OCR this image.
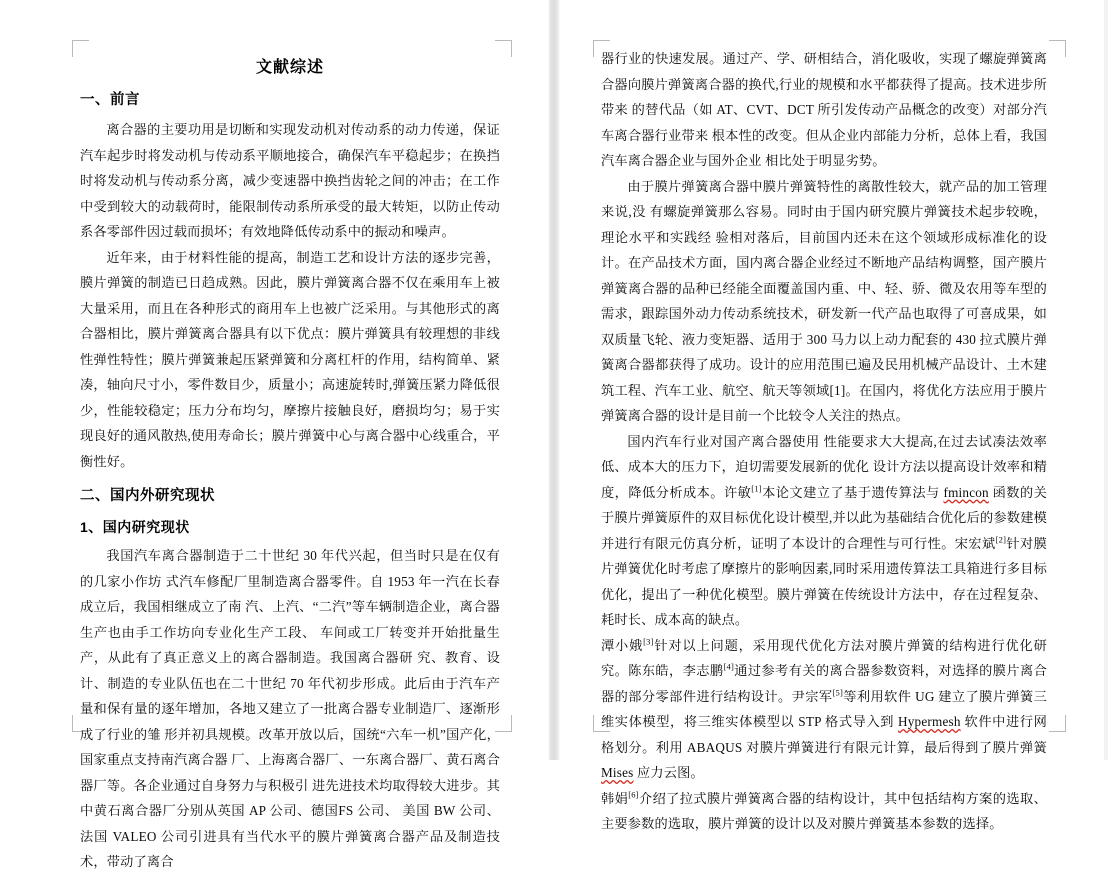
文献综述
一、前言

离合器的主要功用是切断和实现发动机对传动系的动力传递，保证汽车起步时将发动机与传动系平顺地接合，确保汽车平稳起步；在换挡时将发动机与传动系分离，减少变速器中换挡齿轮之间的冲击；在工作中受到较大的动载荷时，能限制传动系所承受的最大转矩，以防止传动系各零部件因过载而损坏；有效地降低传动系中的振动和噪声。

近年来，由于材料性能的提高，制造工艺和设计方法的逐步完善，膜片弹簧的制造已日趋成熟。因此，膜片弹簧离合器不仅在乘用车上被大量采用，而且在各种形式的商用车上也被广泛采用。与其他形式的离合器相比，膜片弹簧离合器具有以下优点：膜片弹簧具有较理想的非线性弹性特性；膜片弹簧兼起压紧弹簧和分离杠杆的作用，结构简单、紧凑，轴向尺寸小，零件数目少，质量小；高速旋转时,弹簧压紧力降低很少，性能较稳定；压力分布均匀，摩擦片接触良好，磨损均匀；易于实现良好的通风散热,使用寿命长；膜片弹簧中心与离合器中心线重合，平衡性好。

二、国内外研究现状
1、国内研究现状

我国汽车离合器制造于二十世纪 30 年代兴起，但当时只是在仅有的几家小作坊 式汽车修配厂里制造离合器零件。自 1953 年一汽在长春成立后，我国相继成立了南 汽、上汽、“二汽”等车辆制造企业，离合器生产也由手工作坊向专业化生产工段、 车间或工厂转变并开始批量生产，从此有了真正意义上的离合器制造。我国离合器研 究、教育、设计、制造的专业队伍也在二十世纪 70 年代初步形成。此后由于汽车产 量和保有量的逐年增加，各地又建立了一批离合器专业制造厂、逐渐形成了行业的雏 形并初具规模。改革开放以后，国统“六车一机”国产化，国家重点支持南汽离合器 厂、上海离合器厂、一东离合器厂、黄石离合器厂等。各企业通过自身努力与积极引 进先进技术均取得较大进步。其中黄石离合器厂分别从英国 AP 公司、德国FS 公司、 美国 BW 公司、法国 VALEO 公司引进具有当代水平的膜片弹簧离合器产品及制造技术，带动了离合

器行业的快速发展。通过产、学、研相结合，消化吸收，实现了螺旋弹簧离合器向膜片弹簧离合器的换代,行业的规模和水平都获得了提高。技术进步所带来 的替代品（如 AT、CVT、DCT 所引发传动产品概念的改变）对部分汽车离合器行业带来 根本性的改变。但从企业内部能力分析，总体上看，我国汽车离合器企业与国外企业 相比处于明显劣势。

由于膜片弹簧离合器中膜片弹簧特性的离散性较大，就产品的加工管理来说,没 有螺旋弹簧那么容易。同时由于国内研究膜片弹簧技术起步较晚，理论水平和实践经 验相对落后，目前国内还未在这个领域形成标准化的设计。在产品技术方面，国内离合器企业经过不断地产品结构调整，国产膜片弹簧离合器的品种已经能全面覆盖国内重、中、轻、骄、微及农用等车型的需求，跟踪国外动力传动系统技术，研发新一代产品也取得了可喜成果，如双质量飞轮、液力变矩器、适用于 300 马力以上动力配套的 430 拉式膜片弹簧离合器都获得了成功。设计的应用范围已遍及民用机械产品设计、土木建筑工程、汽车工业、航空、航天等领域[1]。在国内，将优化方法应用于膜片弹簧离合器的设计是目前一个比较令人关注的热点。

国内汽车行业对国产离合器使用 性能要求大大提高,在过去试凑法效率低、成本大的压力下，迫切需要发展新的优化 设计方法以提高设计效率和精度，降低分析成本。许敏[1]本论文建立了基于遗传算法与 fmincon 函数的关于膜片弹簧原件的双目标优化设计模型,并以此为基础结合优化后的参数建模并进行有限元仿真分析，证明了本设计的合理性与可行性。宋宏斌[2]针对膜片弹簧优化时考虑了摩擦片的影响因素,同时采用遗传算法工具箱进行多目标优化，提出了一种优化模型。膜片弹簧在传统设计方法中，存在过程复杂、耗时长、成本高的缺点。

潭小娥[3]针对以上问题，采用现代优化方法对膜片弹簧的结构进行优化研究。陈东皓，李志鹏[4]通过参考有关的离合器参数资料，对选择的膜片离合器的部分零部件进行结构设计。尹宗军[5]等利用软件 UG 建立了膜片弹簧三维实体模型，将三维实体模型以 STP 格式导入到 Hypermesh 软件中进行网格划分。利用 ABAQUS 对膜片弹簧进行有限元计算，最后得到了膜片弹簧 Mises 应力云图。

韩娟[6]介绍了拉式膜片弹簧离合器的结构设计，其中包括结构方案的选取、主要参数的选取，膜片弹簧的设计以及对膜片弹簧基本参数的选择。
